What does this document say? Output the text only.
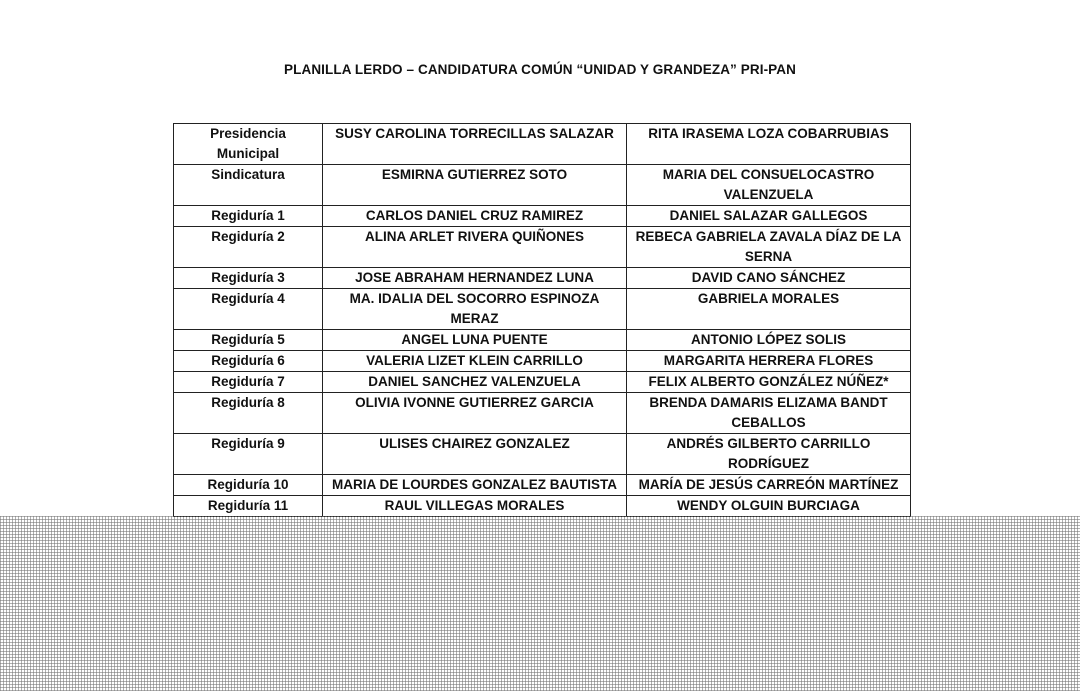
PLANILLA LERDO – CANDIDATURA COMÚN “UNIDAD Y GRANDEZA” PRI-PAN
Presidencia Municipal	SUSY CAROLINA TORRECILLAS SALAZAR	RITA IRASEMA LOZA COBARRUBIAS
Sindicatura	ESMIRNA GUTIERREZ SOTO	MARIA DEL CONSUELOCASTRO VALENZUELA
Regiduría 1	CARLOS DANIEL CRUZ RAMIREZ	DANIEL SALAZAR GALLEGOS
Regiduría 2	ALINA ARLET RIVERA QUIÑONES	REBECA GABRIELA ZAVALA DÍAZ DE LA SERNA
Regiduría 3	JOSE ABRAHAM HERNANDEZ LUNA	DAVID CANO SÁNCHEZ
Regiduría 4	MA. IDALIA DEL SOCORRO ESPINOZA MERAZ	GABRIELA MORALES
Regiduría 5	ANGEL LUNA PUENTE	ANTONIO LÓPEZ SOLIS
Regiduría 6	VALERIA LIZET KLEIN CARRILLO	MARGARITA HERRERA FLORES
Regiduría 7	DANIEL SANCHEZ VALENZUELA	FELIX ALBERTO GONZÁLEZ NÚÑEZ*
Regiduría 8	OLIVIA IVONNE GUTIERREZ GARCIA	BRENDA DAMARIS ELIZAMA BANDT CEBALLOS
Regiduría 9	ULISES CHAIREZ GONZALEZ	ANDRÉS GILBERTO CARRILLO RODRÍGUEZ
Regiduría 10	MARIA DE LOURDES GONZALEZ BAUTISTA	MARÍA DE JESÚS CARREÓN MARTÍNEZ
Regiduría 11	RAUL VILLEGAS MORALES	WENDY OLGUIN BURCIAGA
